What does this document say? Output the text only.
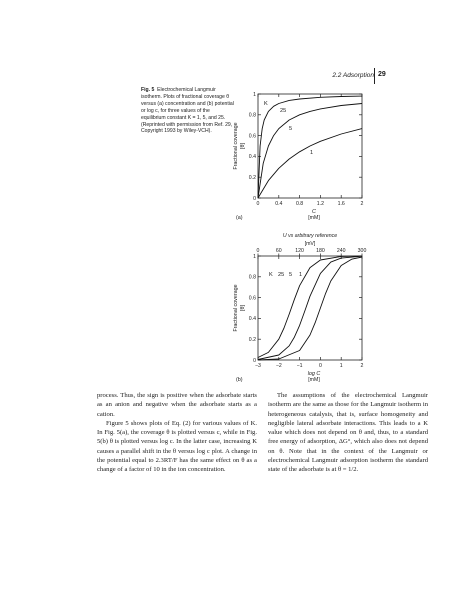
2.2 Adsorption 29
Fig. 5 Electrochemical Langmuir isotherm. Plots of fractional coverage θ versus (a) concentration and (b) potential or log c, for three values of the equilibrium constant K = 1, 5, and 25. (Reprinted with permission from Ref. 29, Copyright 1993 by Wiley-VCH).
0	0.4	0.8	1.2	1.6	2
0
0.2
0.4
0.6
0.8
1
Fractional coverage [θ]
C
[mM]
(a)
K
25
5
1
−3	−2	−1	0	1	2
0
0.2
0.4
0.6
0.8
1
Fractional coverage [θ]
log C
[mM]
(b)
K 25 5 1
0	60	120 180 240 300
U vs arbitrary reference
[mV]

process. Thus, the sign is positive when the adsorbate starts as an anion and negative when the adsorbate starts as a cation.

Figure 5 shows plots of Eq. (2) for various values of K. In Fig. 5(a), the coverage θ is plotted versus c, while in Fig. 5(b) θ is plotted versus log c. In the latter case, increasing K causes a parallel shift in the θ versus log c plot. A change in the potential equal to 2.3RT/F has the same effect on θ as a change of a factor of 10 in the ion concentration.

The assumptions of the electrochemical Langmuir isotherm are the same as those for the Langmuir isotherm in heterogeneous catalysis, that is, surface homogeneity and negligible lateral adsorbate interactions. This leads to a K value which does not depend on θ and, thus, to a standard free energy of adsorption, ΔG°, which also does not depend on θ. Note that in the context of the Langmuir or electrochemical Langmuir adsorption isotherm the standard state of the adsorbate is at θ = 1/2.
